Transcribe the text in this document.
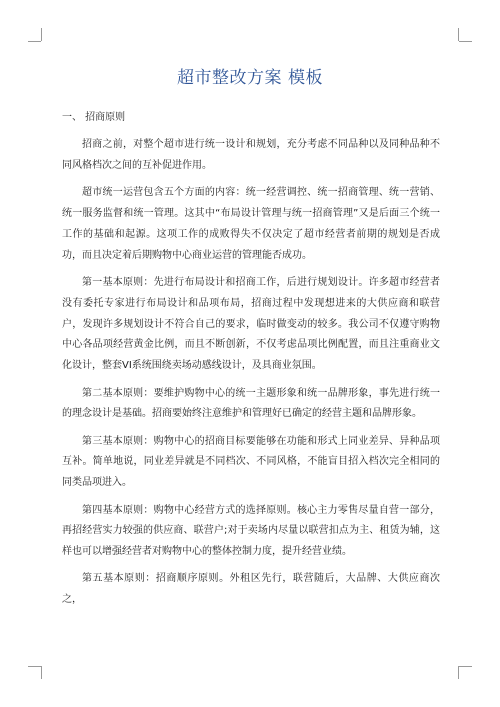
超市整改方案 模板

一、 招商原则

招商之前，对整个超市进行统一设计和规划，充分考虑不同品种以及同种品种不同风格档次之间的互补促进作用。

超市统一运营包含五个方面的内容：统一经营调控、统一招商管理、统一营销、统一服务监督和统一管理。这其中“布局设计管理与统一招商管理”又是后面三个统一工作的基础和起源。这项工作的成败得失不仅决定了超市经营者前期的规划是否成功，而且决定着后期购物中心商业运营的管理能否成功。

第一基本原则：先进行布局设计和招商工作，后进行规划设计。许多超市经营者没有委托专家进行布局设计和品项布局，招商过程中发现想进来的大供应商和联营户，发现许多规划设计不符合自己的要求，临时做变动的较多。我公司不仅遵守购物中心各品项经营黄金比例，而且不断创新，不仅考虑品项比例配置，而且注重商业文化设计，整套VI系统围绕卖场动感线设计，及具商业氛围。

第二基本原则：要维护购物中心的统一主题形象和统一品牌形象，事先进行统一的理念设计是基础。招商要始终注意维护和管理好已确定的经营主题和品牌形象。

第三基本原则：购物中心的招商目标要能够在功能和形式上同业差异、异种品项互补。简单地说，同业差异就是不同档次、不同风格，不能盲目招入档次完全相同的同类品项进入。

第四基本原则：购物中心经营方式的选择原则。核心主力零售尽量自营一部分，再招经营实力较强的供应商、联营户;对于卖场内尽量以联营扣点为主、租赁为辅，这样也可以增强经营者对购物中心的整体控制力度，提升经营业绩。

第五基本原则：招商顺序原则。外租区先行，联营随后，大品牌、大供应商次之，
